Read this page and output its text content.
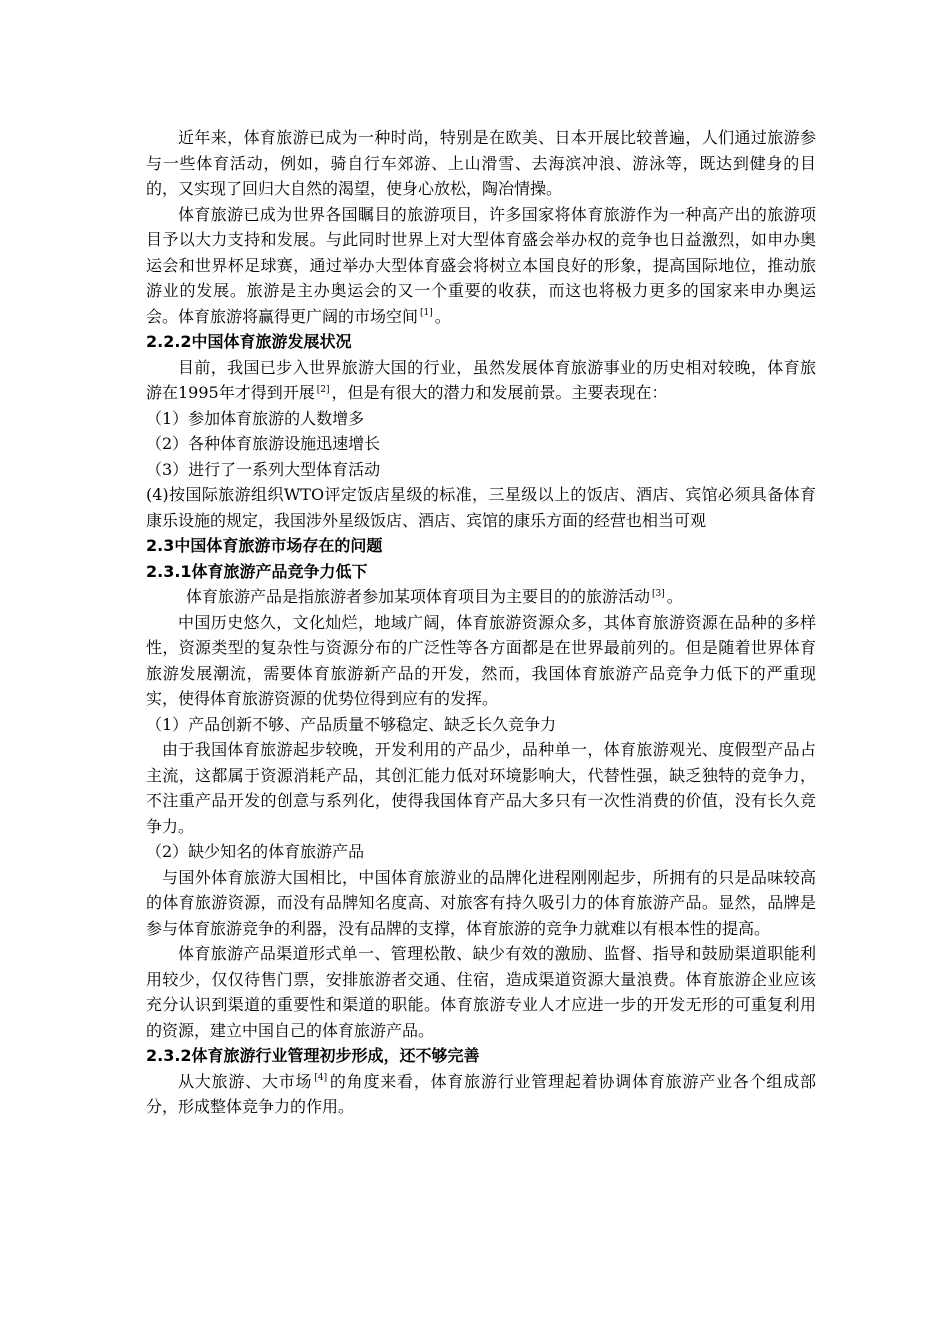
近年来，体育旅游已成为一种时尚，特别是在欧美、日本开展比较普遍，人们通过旅游参与一些体育活动，例如，骑自行车郊游、上山滑雪、去海滨冲浪、游泳等，既达到健身的目的，又实现了回归大自然的渴望，使身心放松，陶冶情操。

体育旅游已成为世界各国瞩目的旅游项目，许多国家将体育旅游作为一种高产出的旅游项目予以大力支持和发展。与此同时世界上对大型体育盛会举办权的竞争也日益激烈，如申办奥运会和世界杯足球赛，通过举办大型体育盛会将树立本国良好的形象，提高国际地位，推动旅游业的发展。旅游是主办奥运会的又一个重要的收获，而这也将极力更多的国家来申办奥运会。体育旅游将赢得更广阔的市场空间 [1] 。

2.2.2中国体育旅游发展状况

目前，我国已步入世界旅游大国的行业，虽然发展体育旅游事业的历史相对较晚，体育旅游在1995年才得到开展 [2] ，但是有很大的潜力和发展前景。主要表现在：

（1）参加体育旅游的人数增多

（2）各种体育旅游设施迅速增长

（3）进行了一系列大型体育活动

(4)按国际旅游组织WTO评定饭店星级的标准，三星级以上的饭店、酒店、宾馆必须具备体育康乐设施的规定，我国涉外星级饭店、酒店、宾馆的康乐方面的经营也相当可观

2.3中国体育旅游市场存在的问题

2.3.1体育旅游产品竞争力低下

体育旅游产品是指旅游者参加某项体育项目为主要目的的旅游活动 [3] 。

中国历史悠久，文化灿烂，地域广阔，体育旅游资源众多，其体育旅游资源在品种的多样性，资源类型的复杂性与资源分布的广泛性等各方面都是在世界最前列的。但是随着世界体育旅游发展潮流，需要体育旅游新产品的开发，然而，我国体育旅游产品竞争力低下的严重现实，使得体育旅游资源的优势位得到应有的发挥。

（1）产品创新不够、产品质量不够稳定、缺乏长久竞争力

由于我国体育旅游起步较晚，开发利用的产品少，品种单一，体育旅游观光、度假型产品占主流，这都属于资源消耗产品，其创汇能力低对环境影响大，代替性强，缺乏独特的竞争力，不注重产品开发的创意与系列化，使得我国体育产品大多只有一次性消费的价值，没有长久竞争力。

（2）缺少知名的体育旅游产品

与国外体育旅游大国相比，中国体育旅游业的品牌化进程刚刚起步，所拥有的只是品味较高的体育旅游资源，而没有品牌知名度高、对旅客有持久吸引力的体育旅游产品。显然，品牌是参与体育旅游竞争的利器，没有品牌的支撑，体育旅游的竞争力就难以有根本性的提高。

体育旅游产品渠道形式单一、管理松散、缺少有效的激励、监督、指导和鼓励渠道职能利用较少，仅仅待售门票，安排旅游者交通、住宿，造成渠道资源大量浪费。体育旅游企业应该充分认识到渠道的重要性和渠道的职能。体育旅游专业人才应进一步的开发无形的可重复利用的资源，建立中国自己的体育旅游产品。

2.3.2体育旅游行业管理初步形成，还不够完善

从大旅游、大市场 [4] 的角度来看，体育旅游行业管理起着协调体育旅游产业各个组成部分，形成整体竞争力的作用。
